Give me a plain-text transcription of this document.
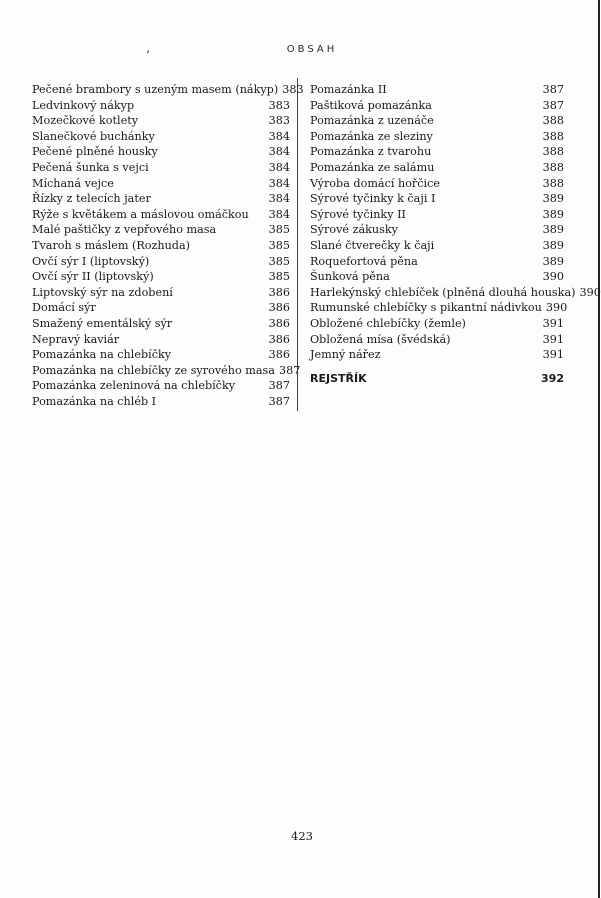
ʻ	OBSAH
Pečené brambory s uzeným masem (nákyp) 383
Ledvinkový nákyp	383
Mozečkové kotlety	383
Slanečkové buchánky	384
Pečené plněné housky	384
Pečená šunka s vejci	384
Míchaná vejce	384
Řízky z telecích jater	384
Rýže s květákem a máslovou omáčkou	384
Malé paštičky z vepřového masa	385
Tvaroh s máslem (Rozhuda)	385
Ovčí sýr I (liptovský)	385
Ovčí sýr II (liptovský)	385
Liptovský sýr na zdobení	386
Domácí sýr	386
Smažený ementálský sýr	386
Nepravý kaviár	386
Pomazánka na chlebíčky	386
Pomazánka na chlebíčky ze syrového masa 387
Pomazánka zeleninová na chlebíčky	387
Pomazánka na chléb I	387
Pomazánka II	387
Paštiková pomazánka	387
Pomazánka z uzenáče	388
Pomazánka ze sleziny	388
Pomazánka z tvarohu	388
Pomazánka ze salámu	388
Výroba domácí hořčice	388
Sýrové tyčinky k čaji I	389
Sýrové tyčinky II	389
Sýrové zákusky	389
Slané čtverečky k čaji	389
Roquefortová pěna	389
Šunková pěna	390
Harlekýnský chlebíček (plněná dlouhá houska) 390
Rumunské chlebíčky s pikantní nádivkou 390
Obložené chlebíčky (žemle)	391
Obložená mísa (švédská)	391
Jemný nářez	391
REJSTŘÍK	392
423
